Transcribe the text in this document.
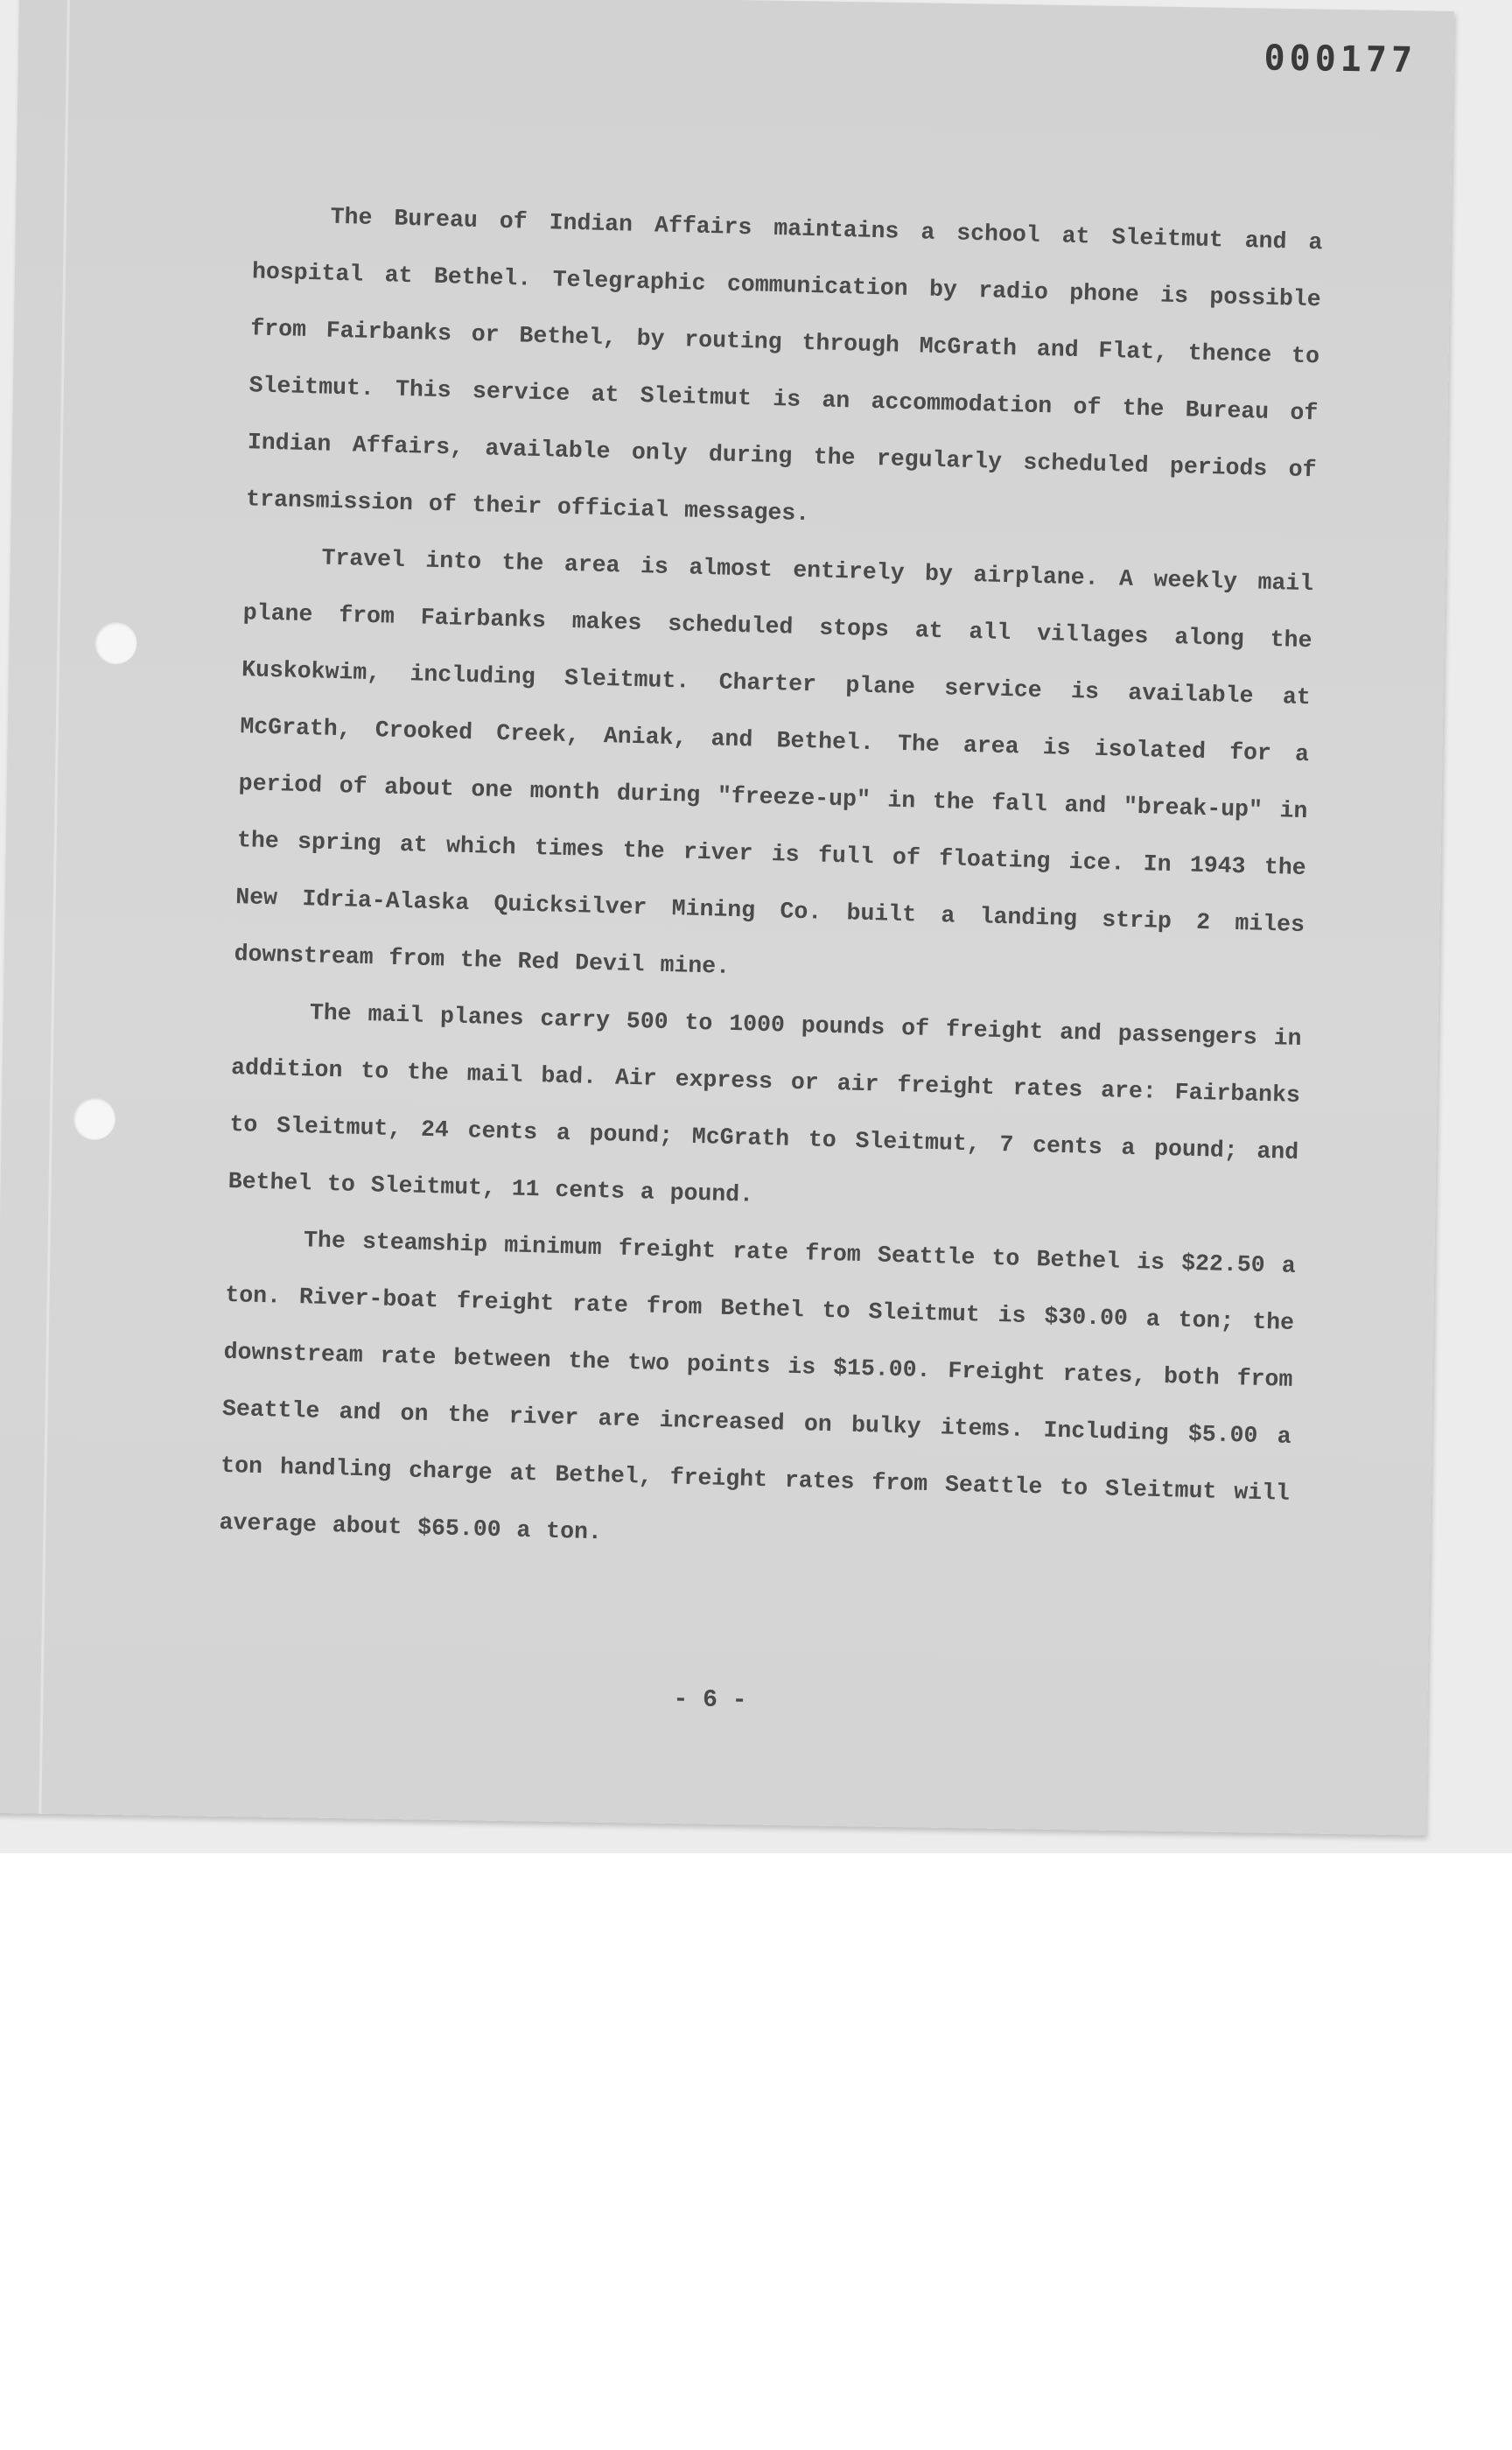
000177

The Bureau of Indian Affairs maintains a school at Sleitmut and a hospital at Bethel. Telegraphic communication by radio phone is possible from Fairbanks or Bethel, by routing through McGrath and Flat, thence to Sleitmut. This service at Sleitmut is an accommodation of the Bureau of Indian Affairs, available only during the regularly scheduled periods of transmission of their official messages.

Travel into the area is almost entirely by airplane. A weekly mail plane from Fairbanks makes scheduled stops at all villages along the Kuskokwim, including Sleitmut. Charter plane service is available at McGrath, Crooked Creek, Aniak, and Bethel. The area is isolated for a period of about one month during "freeze-up" in the fall and "break-up" in the spring at which times the river is full of floating ice. In 1943 the New Idria-Alaska Quicksilver Mining Co. built a landing strip 2 miles downstream from the Red Devil mine.

The mail planes carry 500 to 1000 pounds of freight and passengers in addition to the mail bad. Air express or air freight rates are: Fairbanks to Sleitmut, 24 cents a pound; McGrath to Sleitmut, 7 cents a pound; and Bethel to Sleitmut, 11 cents a pound.

The steamship minimum freight rate from Seattle to Bethel is $22.50 a ton. River-boat freight rate from Bethel to Sleitmut is $30.00 a ton; the downstream rate between the two points is $15.00. Freight rates, both from Seattle and on the river are increased on bulky items. Including $5.00 a ton handling charge at Bethel, freight rates from Seattle to Sleitmut will average about $65.00 a ton.

- 6 -
